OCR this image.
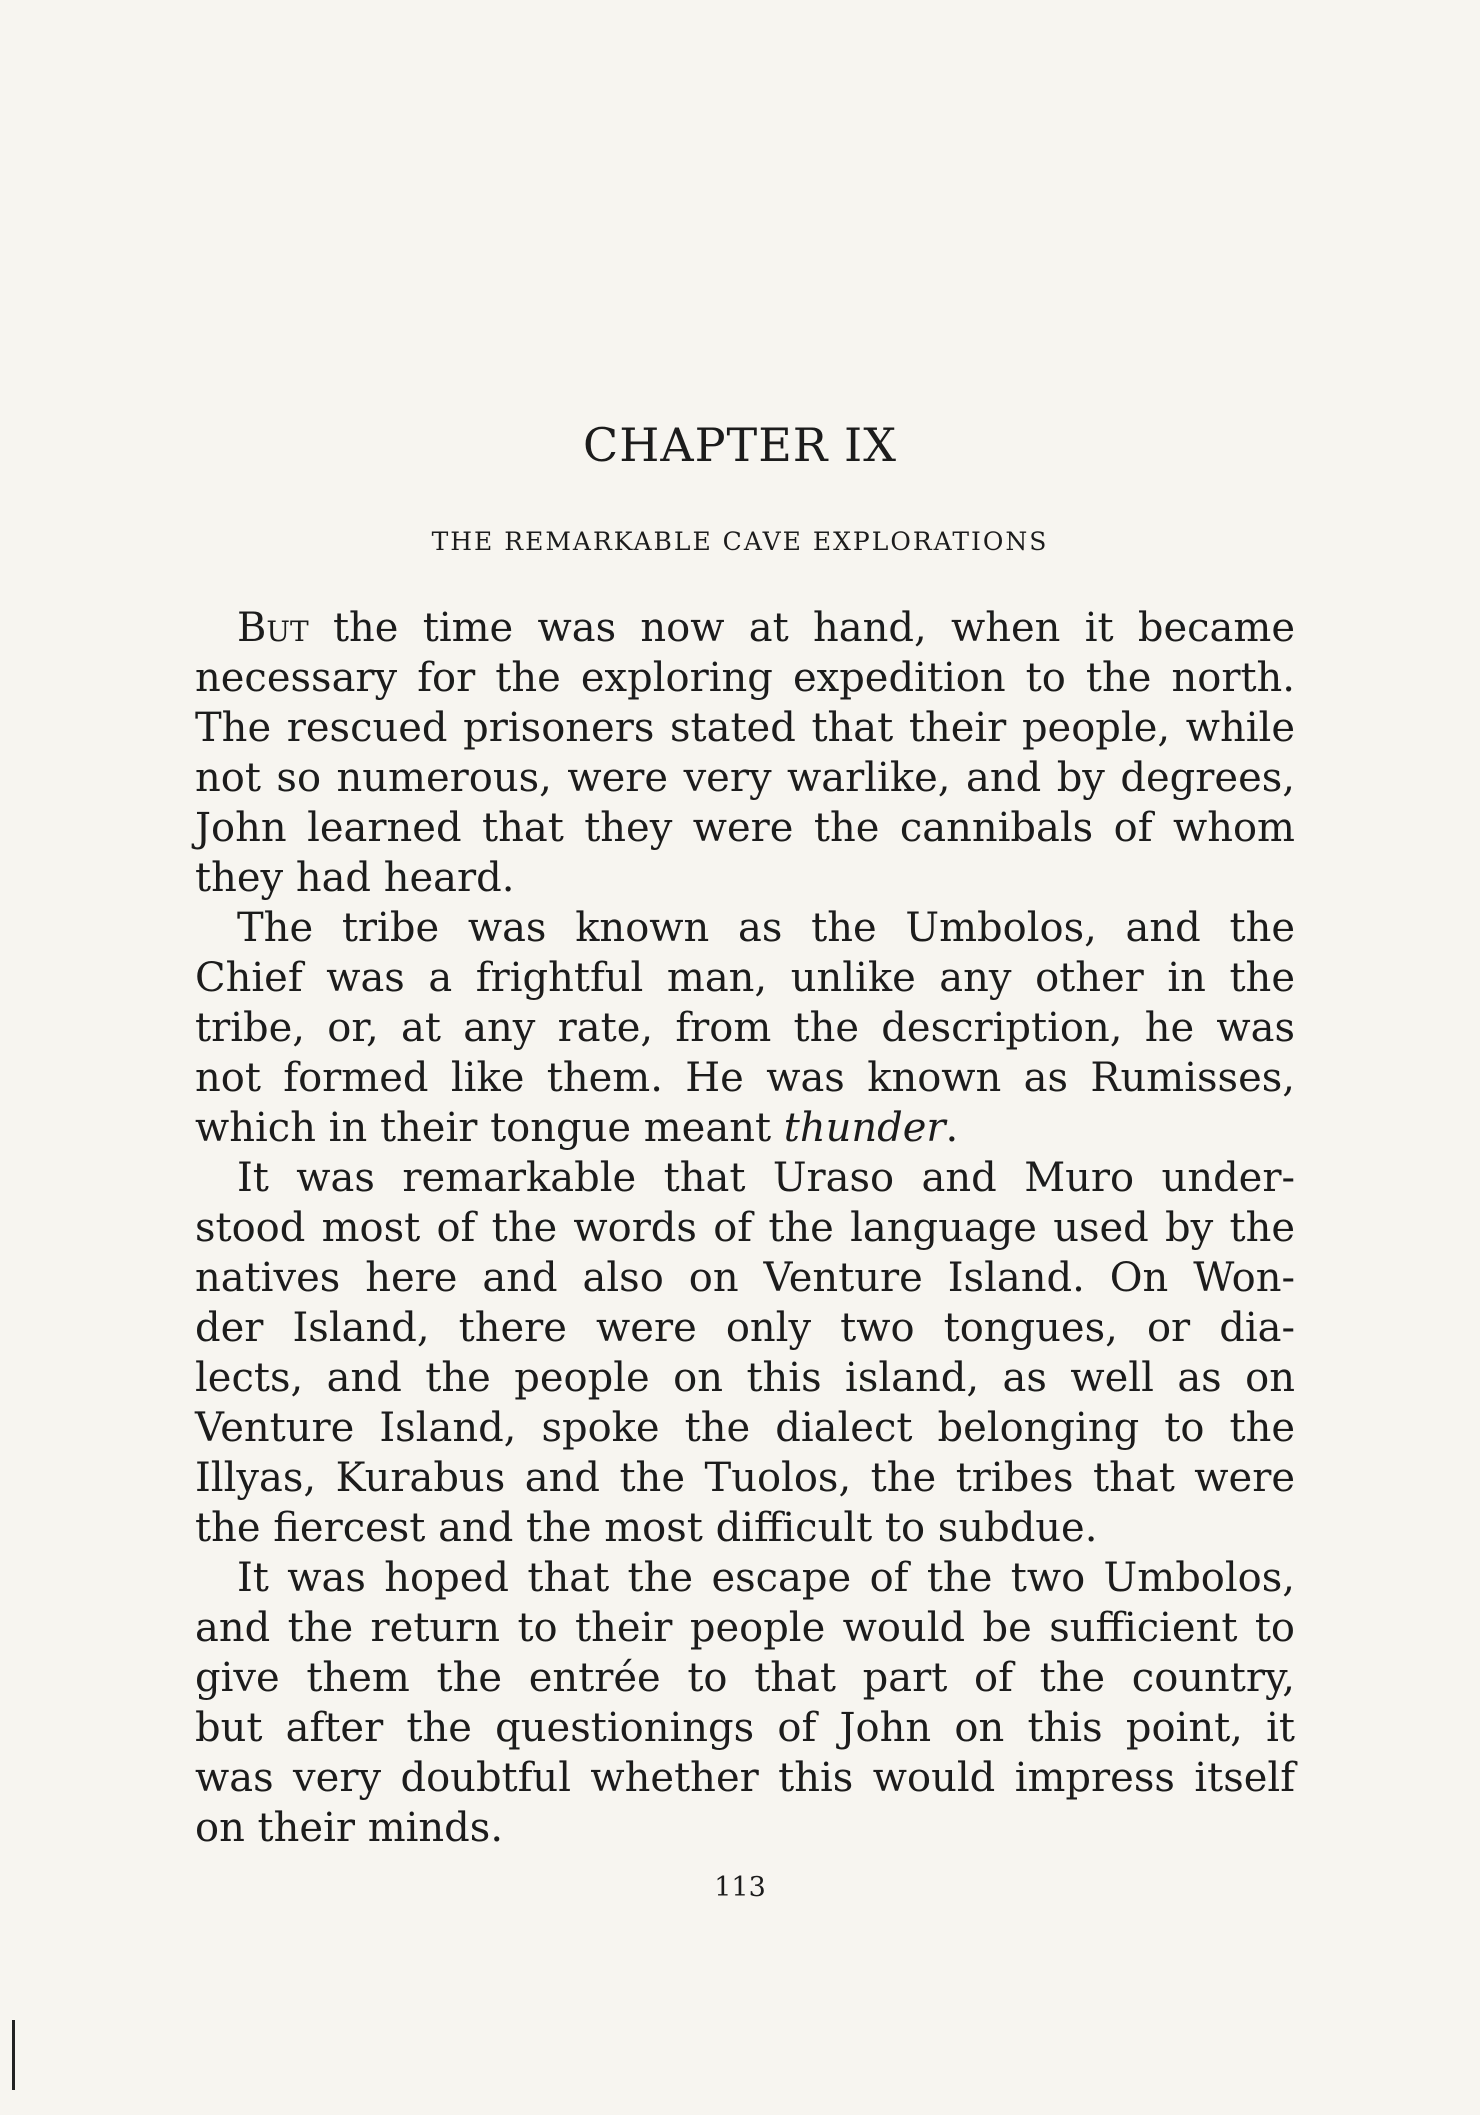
CHAPTER IX
THE REMARKABLE CAVE EXPLORATIONS
But the time was now at hand, when it became
necessary for the exploring expedition to the north.
The rescued prisoners stated that their people, while
not so numerous, were very warlike, and by degrees,
John learned that they were the cannibals of whom
they had heard.
The tribe was known as the Umbolos, and the
Chief was a frightful man, unlike any other in the
tribe, or, at any rate, from the description, he was
not formed like them. He was known as Rumisses,
which in their tongue meant thunder.
It was remarkable that Uraso and Muro under-
stood most of the words of the language used by the
natives here and also on Venture Island. On Won-
der Island, there were only two tongues, or dia-
lects, and the people on this island, as well as on
Venture Island, spoke the dialect belonging to the
Illyas, Kurabus and the Tuolos, the tribes that were
the fiercest and the most difficult to subdue.
It was hoped that the escape of the two Umbolos,
and the return to their people would be sufficient to
give them the entrée to that part of the country,
but after the questionings of John on this point, it
was very doubtful whether this would impress itself
on their minds.
113
